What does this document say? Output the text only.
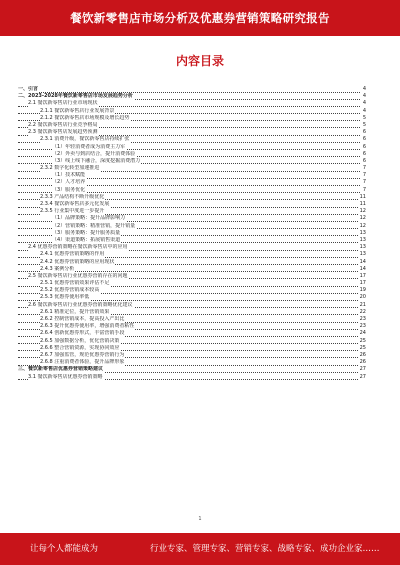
餐饮新零售店市场分析及优惠券营销策略研究报告
内容目录
一、引言	4
二、2023-2028年餐饮新零售店市场发展趋势分析	4
2.1 餐饮新零售店行业市场现状	4
2.1.1 餐饮新零售店行业发展背景	4
2.1.2 餐饮新零售店市场规模及增长趋势	5
2.2 餐饮新零售店行业竞争格局	5
2.3 餐饮新零售店发展趋势预测	6
2.3.1 消费升级，餐饮新零售店持续扩张	6
（1）年轻消费者成为消费主力军	6
（2）外卖与到店结合，提升消费体验	6
（3）线上线下融合，深度挖掘消费潜力	6
2.3.2 数字化转型加速推进	7
（1）技术赋能	7
（2）人才培养	7
（3）服务优化	7
2.3.3 产品结构不断升级优化	11
2.3.4 餐饮新零售店多元化发展	11
2.3.5 行业集中度进一步提升	12
（1）品牌策略：提升品牌影响力	12
（2）营销策略：精准营销，提升销量	12
（3）服务策略：提升服务质量	13
（4）渠道策略：拓展销售渠道	13
2.4 优惠券营销策略在餐饮新零售店中的应用	13
2.4.1 优惠券营销策略的作用	13
2.4.2 优惠券营销策略的应用现状	14
2.4.3 案例分析	14
2.5 餐饮新零售店行业优惠券营销存在的问题	17
2.5.1 优惠券营销效果评估不足	17
2.5.2 优惠券营销成本较高	19
2.5.3 优惠券使用率低	20
2.6 餐饮新零售店行业优惠券营销策略优化建议	21
2.6.1 精准定位，提升营销效果	22
2.6.2 控制营销成本，提高投入产出比	23
2.6.3 提升优惠券使用率，增强消费者粘性	23
2.6.4 创新优惠券形式，丰富营销手段	24
2.6.5 加强数据分析，优化营销决策	25
2.6.6 整合营销资源，实现协同效应	25
2.6.7 加强监管，规范优惠券营销行为	26
2.6.8 注重消费者体验，提升品牌形象	26
三、餐饮新零售店优惠券营销策略建议	27
3.1 餐饮新零售店优惠券营销策略	27
1
让每个人都能成为	行业专家、管理专家、营销专家、战略专家、成功企业家……
